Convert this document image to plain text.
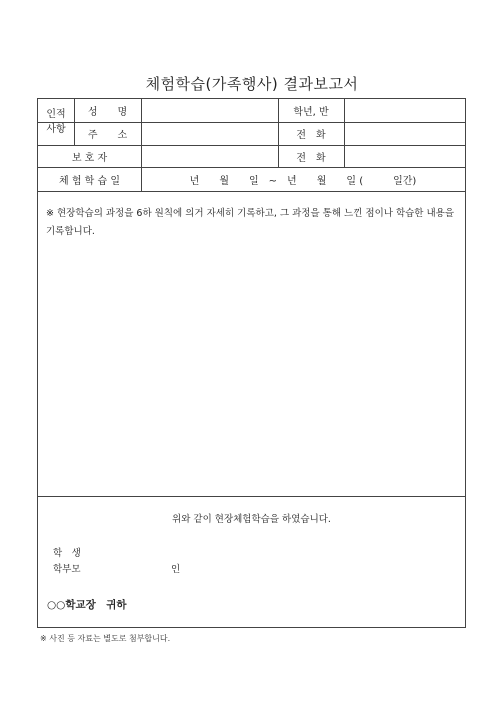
체험학습(가족행사) 결과보고서
인적
사항
성　　명	학년, 반
주　　소	전　화
보 호 자	전　화
체 험 학 습 일	년　　월　　일　~　년　　월　　일 (　　　일간)
※ 현장학습의 과정을 6하 원칙에 의거 자세히 기록하고, 그 과정을 통해 느낀 점이나 학습한 내용을 기록합니다.
위와 같이 현장체험학습을 하였습니다.
학　생
학부모	인
○○학교장　귀하
※ 사진 등 자료는 별도로 첨부합니다.
